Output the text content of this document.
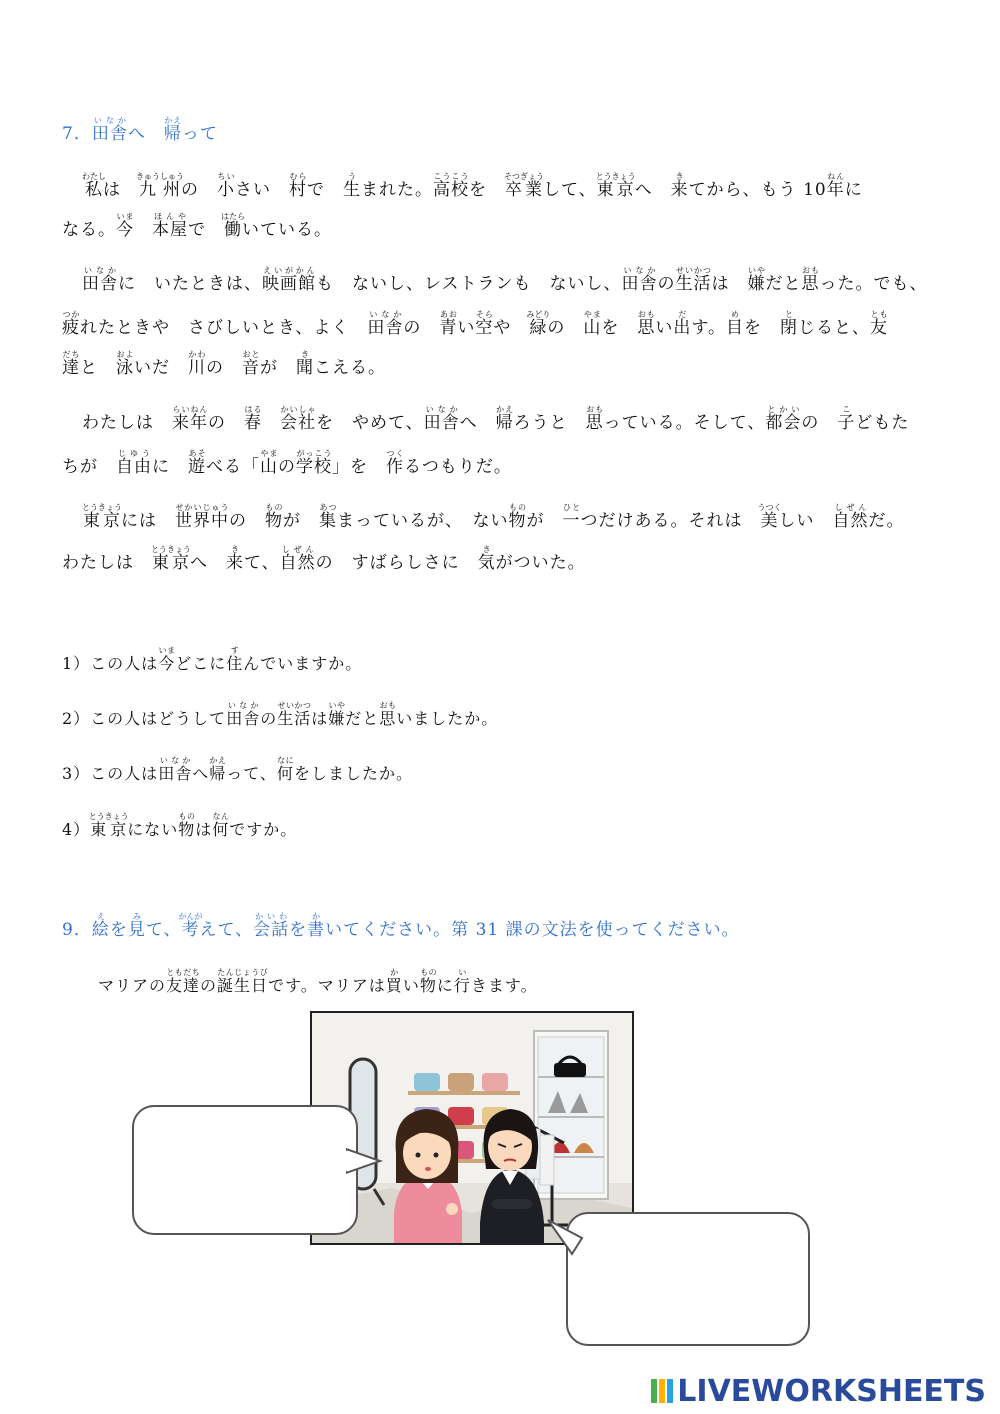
7．田舎いなかへ　帰かえって
私わたしは　九州きゅうしゅうの　小ちいさい　村むらで　生うまれた。高校こうこうを　卒業そつぎょうして、東京とうきょうへ　来きてから、もう 10年ねんに
なる。今いま　本屋ほんやで　働はたらいている。
田舎いなかに　いたときは、映画館えいがかんも　ないし、レストランも　ないし、田舎いなかの生活せいかつは　嫌いやだと思おもった。でも、
疲つかれたときや　さびしいとき、よく　田舎いなかの　青あおい空そらや　緑みどりの　山やまを　思おもい出だす。目めを　閉とじると、友とも
達だちと　泳およいだ　川かわの　音おとが　聞きこえる。
わたしは　来年らいねんの　春はる　会社かいしゃを　やめて、田舎いなかへ　帰かえろうと　思おもっている。そして、都会とかいの　子こどもた
ちが　自由じゆうに　遊あそべる「山やまの学校がっこう」を　作つくるつもりだ。
東京とうきょうには　世界中せかいじゅうの　物ものが　集あつまっているが、　ない物ものが　一ひとつだけある。それは　美うつくしい　自然しぜんだ。
わたしは　東京とうきょうへ　来きて、自然しぜんの　すばらしさに　気きがついた。
1）この人は今いまどこに住すんでいますか。
2）この人はどうして田舎いなかの生活せいかつは嫌いやだと思おもいましたか。
3）この人は田舎いなかへ帰かえって、何なにをしましたか。
4）東京とうきょうにない物ものは何なんですか。
9．絵えを見みて、考かんがえて、会話かいわを書かいてください。第 31 課の文法を使ってください。
マリアの友達ともだちの誕生日たんじょうびです。マリアは買かい物ものに行いきます。
LIVEWORKSHEETS
